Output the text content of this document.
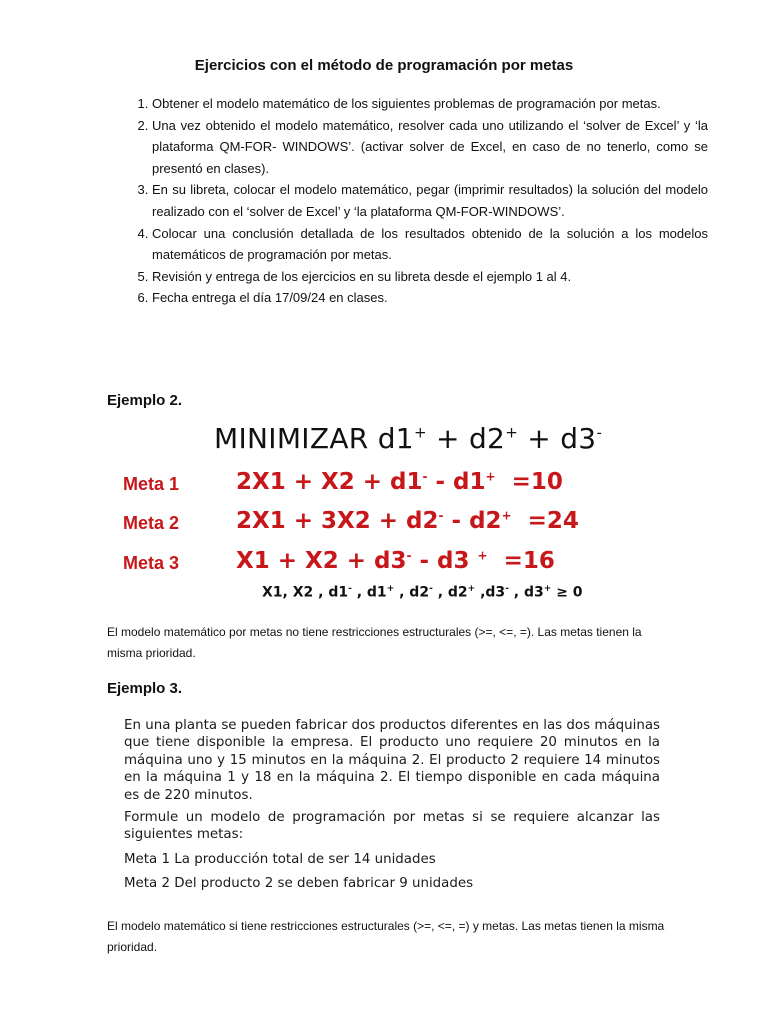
Ejercicios con el método de programación por metas
1. Obtener el modelo matemático de los siguientes problemas de programación por metas.
2. Una vez obtenido el modelo matemático, resolver cada uno utilizando el ‘solver de Excel’ y ‘la plataforma QM-FOR- WINDOWS’. (activar solver de Excel, en caso de no tenerlo, como se presentó en clases).
3. En su libreta, colocar el modelo matemático, pegar (imprimir resultados) la solución del modelo realizado con el ‘solver de Excel’ y ‘la plataforma QM-FOR-WINDOWS’.
4. Colocar una conclusión detallada de los resultados obtenido de la solución a los modelos matemáticos de programación por metas.
5. Revisión y entrega de los ejercicios en su libreta desde el ejemplo 1 al 4.
6. Fecha entrega el día 17/09/24 en clases.
Ejemplo 2.
MINIMIZAR d1+ + d2+ + d3-
Meta 1 2X1 + X2 + d1- - d1+  =10
Meta 2 2X1 + 3X2 + d2- - d2+  =24
Meta 3 X1 + X2 + d3- - d3 +  =16
X1, X2 , d1- , d1+ , d2- , d2+ ,d3- , d3+ ≥ 0

El modelo matemático por metas no tiene restricciones estructurales (>=, <=, =). Las metas tienen la misma prioridad.

Ejemplo 3.

En una planta se pueden fabricar dos productos diferentes en las dos máquinas que tiene disponible la empresa. El producto uno requiere 20 minutos en la máquina uno y 15 minutos en la máquina 2. El producto 2 requiere 14 minutos en la máquina 1 y 18 en la máquina 2. El tiempo disponible en cada máquina es de 220 minutos.

Formule un modelo de programación por metas si se requiere alcanzar las siguientes metas:

Meta 1 La producción total de ser 14 unidades

Meta 2 Del producto 2 se deben fabricar 9 unidades

El modelo matemático si tiene restricciones estructurales (>=, <=, =) y metas. Las metas tienen la misma prioridad.
